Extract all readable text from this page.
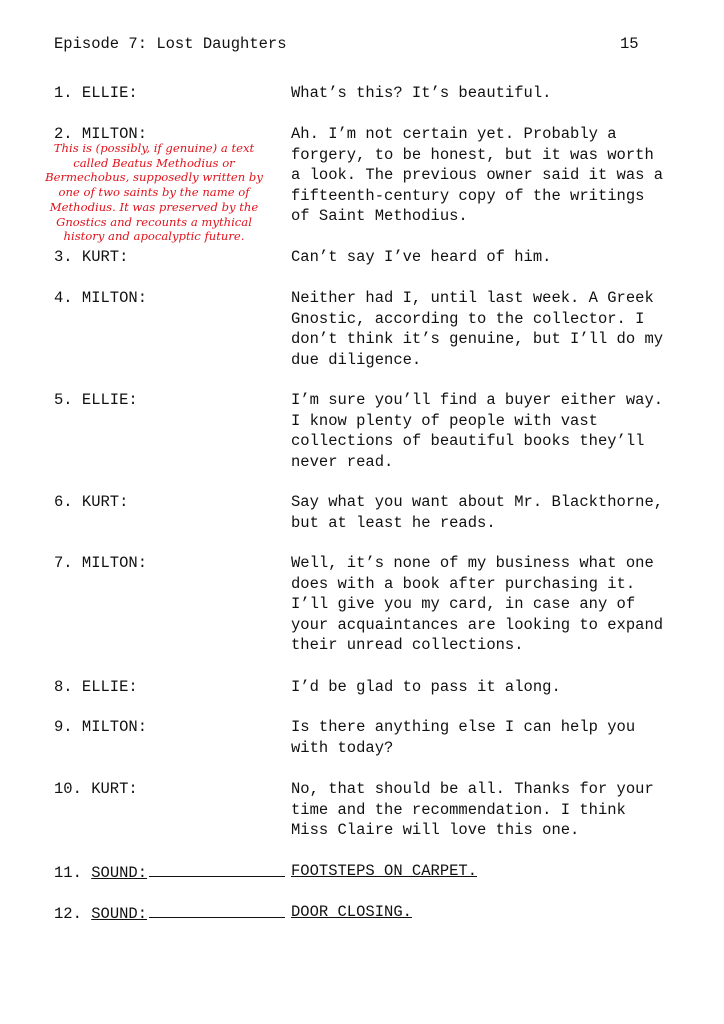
Episode 7: Lost Daughters	15
1. ELLIE:	What’s this? It’s beautiful.
2. MILTON:	Ah. I’m not certain yet. Probably a
forgery, to be honest, but it was worth
a look. The previous owner said it was a
fifteenth-century copy of the writings
of Saint Methodius.
This is (possibly, if genuine) a text
called Beatus Methodius or
Bermechobus, supposedly written by
one of two saints by the name of
Methodius. It was preserved by the
Gnostics and recounts a mythical
history and apocalyptic future.
3. KURT:	Can’t say I’ve heard of him.
4. MILTON:	Neither had I, until last week. A Greek
Gnostic, according to the collector. I
don’t think it’s genuine, but I’ll do my
due diligence.
5. ELLIE:	I’m sure you’ll find a buyer either way.
I know plenty of people with vast
collections of beautiful books they’ll
never read.
6. KURT:	Say what you want about Mr. Blackthorne,
but at least he reads.
7. MILTON:	Well, it’s none of my business what one
does with a book after purchasing it.
I’ll give you my card, in case any of
your acquaintances are looking to expand
their unread collections.
8. ELLIE:	I’d be glad to pass it along.
9. MILTON:	Is there anything else I can help you
with today?
10. KURT:	No, that should be all. Thanks for your
time and the recommendation. I think
Miss Claire will love this one.
11. SOUND:	FOOTSTEPS ON CARPET.
12. SOUND:	DOOR CLOSING.
